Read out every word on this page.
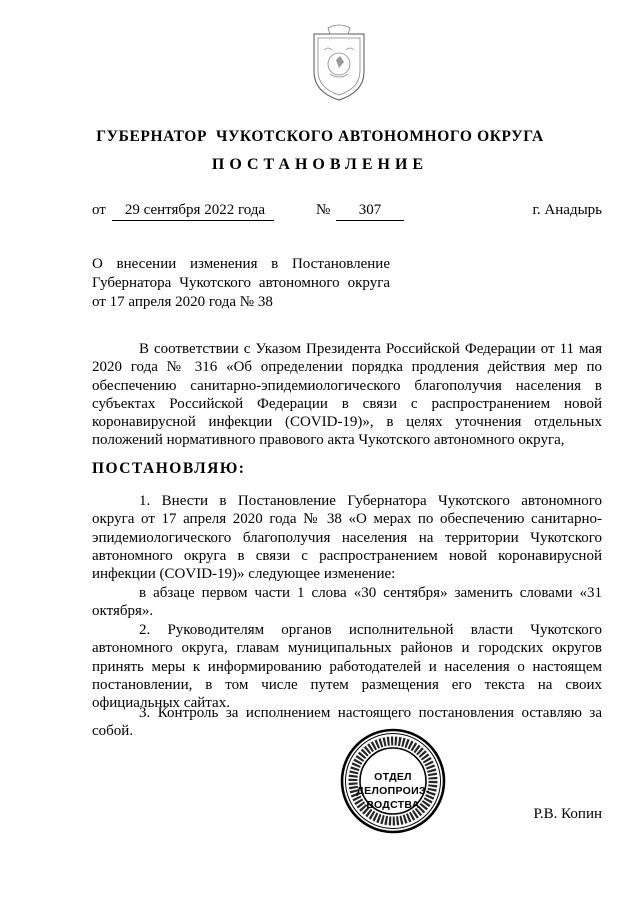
ГУБЕРНАТОР  ЧУКОТСКОГО АВТОНОМНОГО ОКРУГА
ПОСТАНОВЛЕНИЕ
от	29 сентября 2022 года	№	307	г. Анадырь
О внесении изменения в Постановление
Губернатора Чукотского автономного округа
от 17 апреля 2020 года № 38

В соответствии с Указом Президента Российской Федерации от 11 мая 2020 года № 316 «Об определении порядка продления действия мер по обеспечению санитарно-эпидемиологического благополучия населения в субъектах Российской Федерации в связи с распространением новой коронавирусной инфекции (COVID-19)», в целях уточнения отдельных положений нормативного правового акта Чукотского автономного округа,

ПОСТАНОВЛЯЮ:

1. Внести в Постановление Губернатора Чукотского автономного округа от 17 апреля 2020 года № 38 «О мерах по обеспечению санитарно-эпидемиологического благополучия населения на территории Чукотского автономного округа в связи с распространением новой коронавирусной инфекции (COVID-19)» следующее изменение:

в абзаце первом части 1 слова «30 сентября» заменить словами «31 октября».

2. Руководителям органов исполнительной власти Чукотского автономного округа, главам муниципальных районов и городских округов принять меры к информированию работодателей и населения о настоящем постановлении, в том числе путем размещения его текста на своих официальных сайтах.

3. Контроль за исполнением настоящего постановления оставляю за собой.

ОТДЕЛ
ДЕЛОПРОИЗ-
ВОДСТВА
Р.В. Копин
